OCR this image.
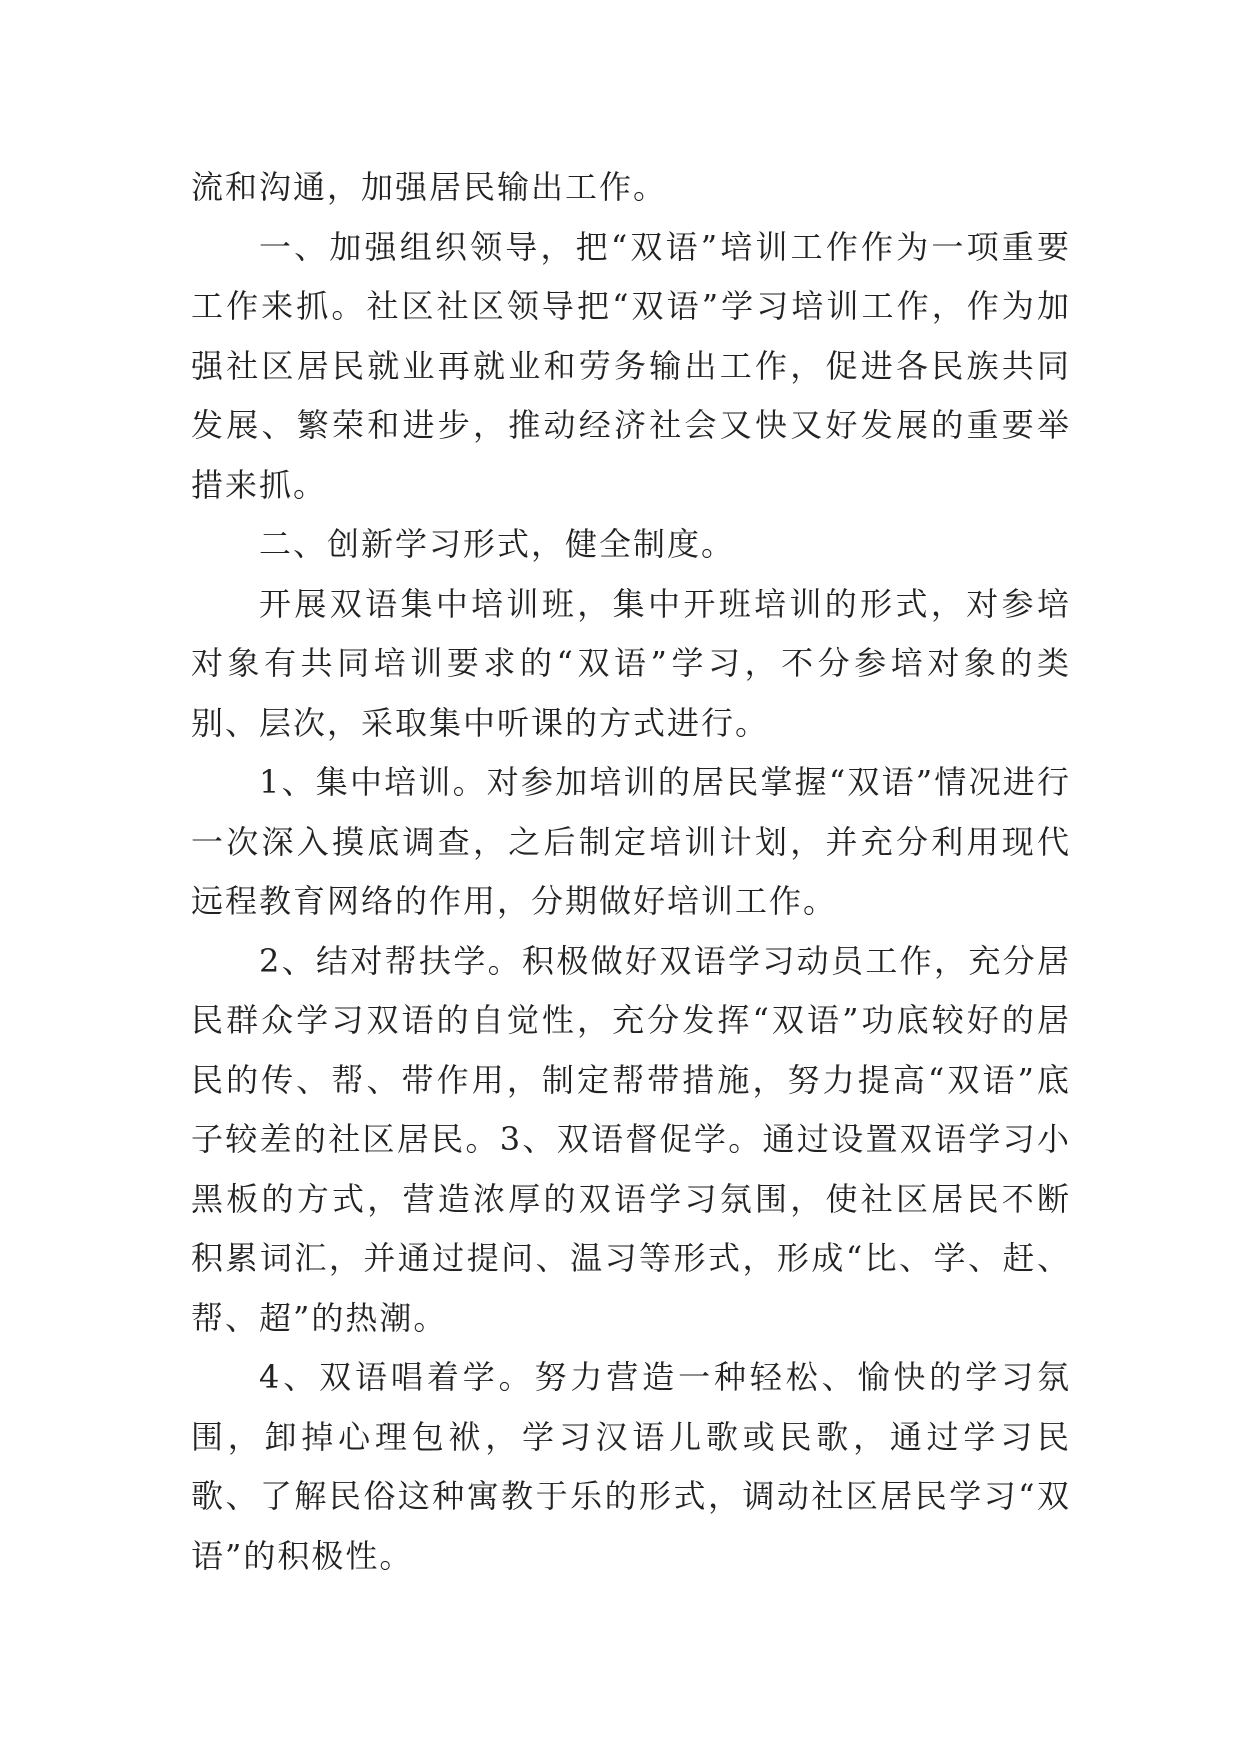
流和沟通，加强居民输出工作。

一、加强组织领导，把“双语”培训工作作为一项重要工作来抓。社区社区领导把“双语”学习培训工作，作为加强社区居民就业再就业和劳务输出工作，促进各民族共同发展、繁荣和进步，推动经济社会又快又好发展的重要举措来抓。

二、创新学习形式，健全制度。

开展双语集中培训班，集中开班培训的形式，对参培对象有共同培训要求的“双语”学习，不分参培对象的类别、层次，采取集中听课的方式进行。

1、集中培训。对参加培训的居民掌握“双语”情况进行一次深入摸底调查，之后制定培训计划，并充分利用现代远程教育网络的作用，分期做好培训工作。

2、结对帮扶学。积极做好双语学习动员工作，充分居民群众学习双语的自觉性，充分发挥“双语”功底较好的居民的传、帮、带作用，制定帮带措施，努力提高“双语”底子较差的社区居民。3、双语督促学。通过设置双语学习小黑板的方式，营造浓厚的双语学习氛围，使社区居民不断积累词汇，并通过提问、温习等形式，形成“比、学、赶、帮、超”的热潮。

4、双语唱着学。努力营造一种轻松、愉快的学习氛围，卸掉心理包袱，学习汉语儿歌或民歌，通过学习民歌、了解民俗这种寓教于乐的形式，调动社区居民学习“双语”的积极性。
